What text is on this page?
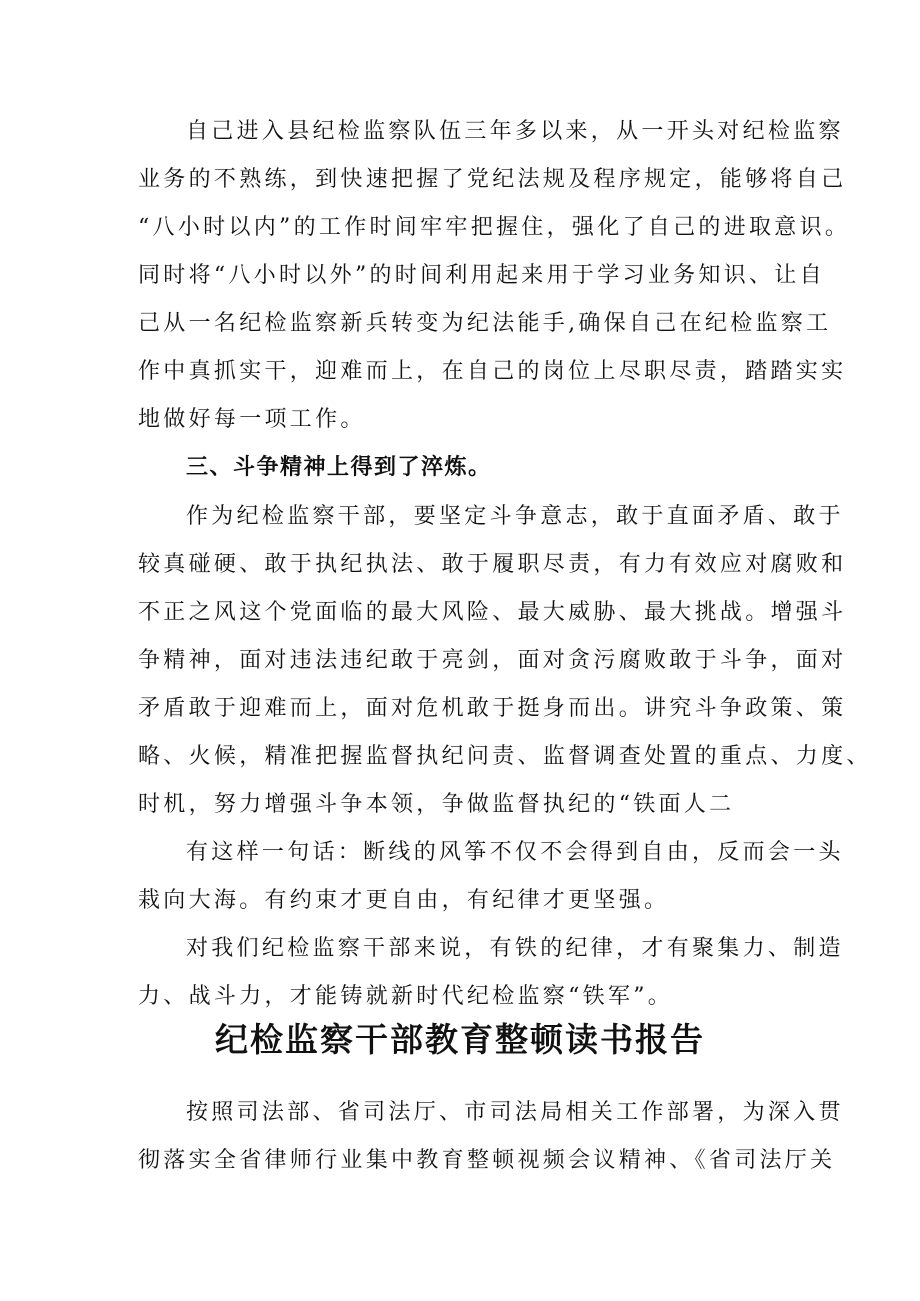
自己进入县纪检监察队伍三年多以来，从一开头对纪检监察

业务的不熟练，到快速把握了党纪法规及程序规定，能够将自己

“八小时以内”的工作时间牢牢把握住，强化了自己的进取意识。

同时将“八小时以外”的时间利用起来用于学习业务知识、让自

己从一名纪检监察新兵转变为纪法能手,确保自己在纪检监察工

作中真抓实干，迎难而上，在自己的岗位上尽职尽责，踏踏实实

地做好每一项工作。

三、斗争精神上得到了淬炼。

作为纪检监察干部，要坚定斗争意志，敢于直面矛盾、敢于

较真碰硬、敢于执纪执法、敢于履职尽责，有力有效应对腐败和

不正之风这个党面临的最大风险、最大威胁、最大挑战。增强斗

争精神，面对违法违纪敢于亮剑，面对贪污腐败敢于斗争，面对

矛盾敢于迎难而上，面对危机敢于挺身而出。讲究斗争政策、策

略、火候，精准把握监督执纪问责、监督调查处置的重点、力度、

时机，努力增强斗争本领，争做监督执纪的“铁面人二

有这样一句话：断线的风筝不仅不会得到自由，反而会一头

栽向大海。有约束才更自由，有纪律才更坚强。

对我们纪检监察干部来说，有铁的纪律，才有聚集力、制造

力、战斗力，才能铸就新时代纪检监察“铁军”。

纪检监察干部教育整顿读书报告

按照司法部、省司法厅、市司法局相关工作部署，为深入贯

彻落实全省律师行业集中教育整顿视频会议精神、《省司法厅关
